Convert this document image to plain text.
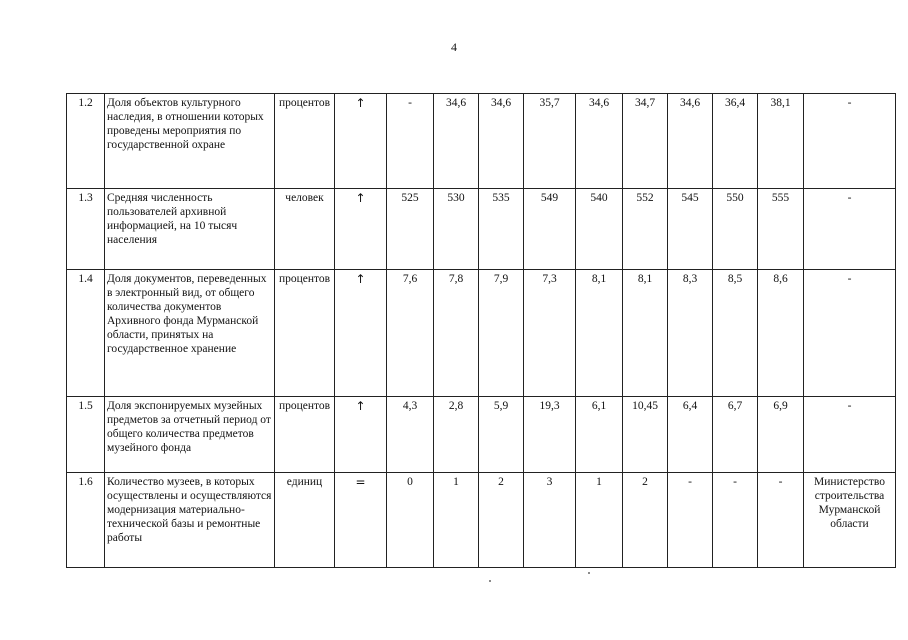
4
1.2	Доля объектов культурного наследия, в отношении которых проведены мероприятия по государственной охране	процентов	↑	-	34,6	34,6	35,7	34,6	34,7	34,6	36,4	38,1	-
1.3	Средняя численность пользователей архивной информацией, на 10 тысяч населения	человек	↑	525	530	535	549	540	552	545	550	555	-
1.4	Доля документов, переведенных в электронный вид, от общего количества документов Архивного фонда Мурманской области, принятых на государственное хранение	процентов	↑	7,6	7,8	7,9	7,3	8,1	8,1	8,3	8,5	8,6	-
1.5	Доля экспонируемых музейных предметов за отчетный период от общего количества предметов музейного фонда	процентов	↑	4,3	2,8	5,9	19,3	6,1	10,45	6,4	6,7	6,9	-
1.6	Количество музеев, в которых осуществлены и осуществляются модернизация материально-технической базы и ремонтные работы	единиц	=	0	1	2	3	1	2	-	-	-	Министерство строительства Мурманской области
